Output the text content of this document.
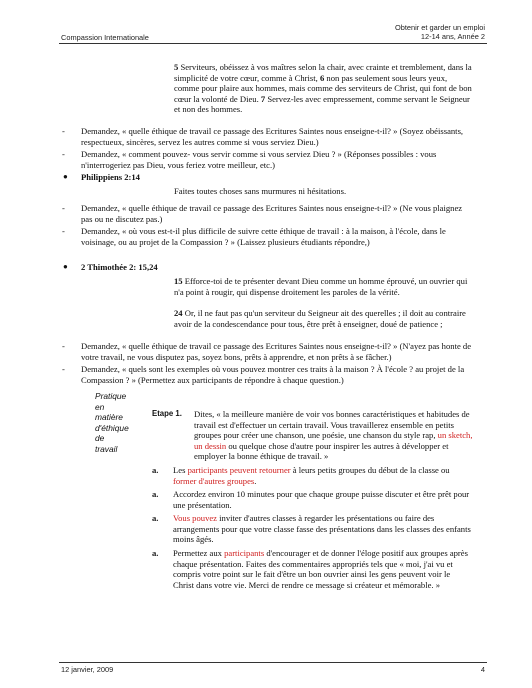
Compassion Internationale
Obtenir et garder un emploi
12-14 ans, Année 2
5 Serviteurs, obéissez à vos maîtres selon la chair, avec crainte et tremblement, dans la simplicité de votre cœur, comme à Christ, 6 non pas seulement sous leurs yeux, comme pour plaire aux hommes, mais comme des serviteurs de Christ, qui font de bon cœur la volonté de Dieu. 7 Servez-les avec empressement, comme servant le Seigneur et non des hommes.
- Demandez, « quelle éthique de travail ce passage des Ecritures Saintes nous enseigne-t-il? » (Soyez obéissants, respectueux, sincères, servez les autres comme si vous serviez Dieu.)
- Demandez, « comment pouvez- vous servir comme si vous serviez Dieu ? » (Réponses possibles : vous n'interrogeriez pas Dieu, vous feriez votre meilleur, etc.)
● Philippiens 2:14
Faites toutes choses sans murmures ni hésitations.
- Demandez, « quelle éthique de travail ce passage des Ecritures Saintes nous enseigne-t-il? » (Ne vous plaignez pas ou ne discutez pas.)
- Demandez, « où vous est-t-il plus difficile de suivre cette éthique de travail : à la maison, à l'école, dans le voisinage, ou au projet de la Compassion ? » (Laissez plusieurs étudiants répondre,)
● 2 Thimothée 2: 15,24
15 Efforce-toi de te présenter devant Dieu comme un homme éprouvé, un ouvrier qui n'a point à rougir, qui dispense droitement les paroles de la vérité.
24 Or, il ne faut pas qu'un serviteur du Seigneur ait des querelles ; il doit au contraire avoir de la condescendance pour tous, être prêt à enseigner, doué de patience ;
- Demandez, « quelle éthique de travail ce passage des Ecritures Saintes nous enseigne-t-il? » (N'ayez pas honte de votre travail, ne vous disputez pas, soyez bons, prêts à apprendre, et non prêts à se fâcher.)
- Demandez, « quels sont les exemples où vous pouvez montrer ces traits à la maison ? À l'école ? au projet de la Compassion ? » (Permettez aux participants de répondre à chaque question.)
Pratique en matière d'éthique de travail
Etape 1. Dites, « la meilleure manière de voir vos bonnes caractéristiques et habitudes de travail est d'effectuer un certain travail. Vous travaillerez ensemble en petits groupes pour créer une chanson, une poésie, une chanson du style rap, un sketch, un dessin ou quelque chose d'autre pour inspirer les autres à développer et employer la bonne éthique de travail. »
a. Les participants peuvent retourner à leurs petits groupes du début de la classe ou former d'autres groupes.
a. Accordez environ 10 minutes pour que chaque groupe puisse discuter et être prêt pour une présentation.
a. Vous pouvez inviter d'autres classes à regarder les présentations ou faire des arrangements pour que votre classe fasse des présentations dans les classes des enfants moins âgés.
a. Permettez aux participants d'encourager et de donner l'éloge positif aux groupes après chaque présentation. Faites des commentaires appropriés tels que « moi, j'ai vu et compris votre point sur le fait d'être un bon ouvrier ainsi les gens peuvent voir le Christ dans votre vie. Merci de rendre ce message si créateur et mémorable. »
12 janvier, 2009	4
